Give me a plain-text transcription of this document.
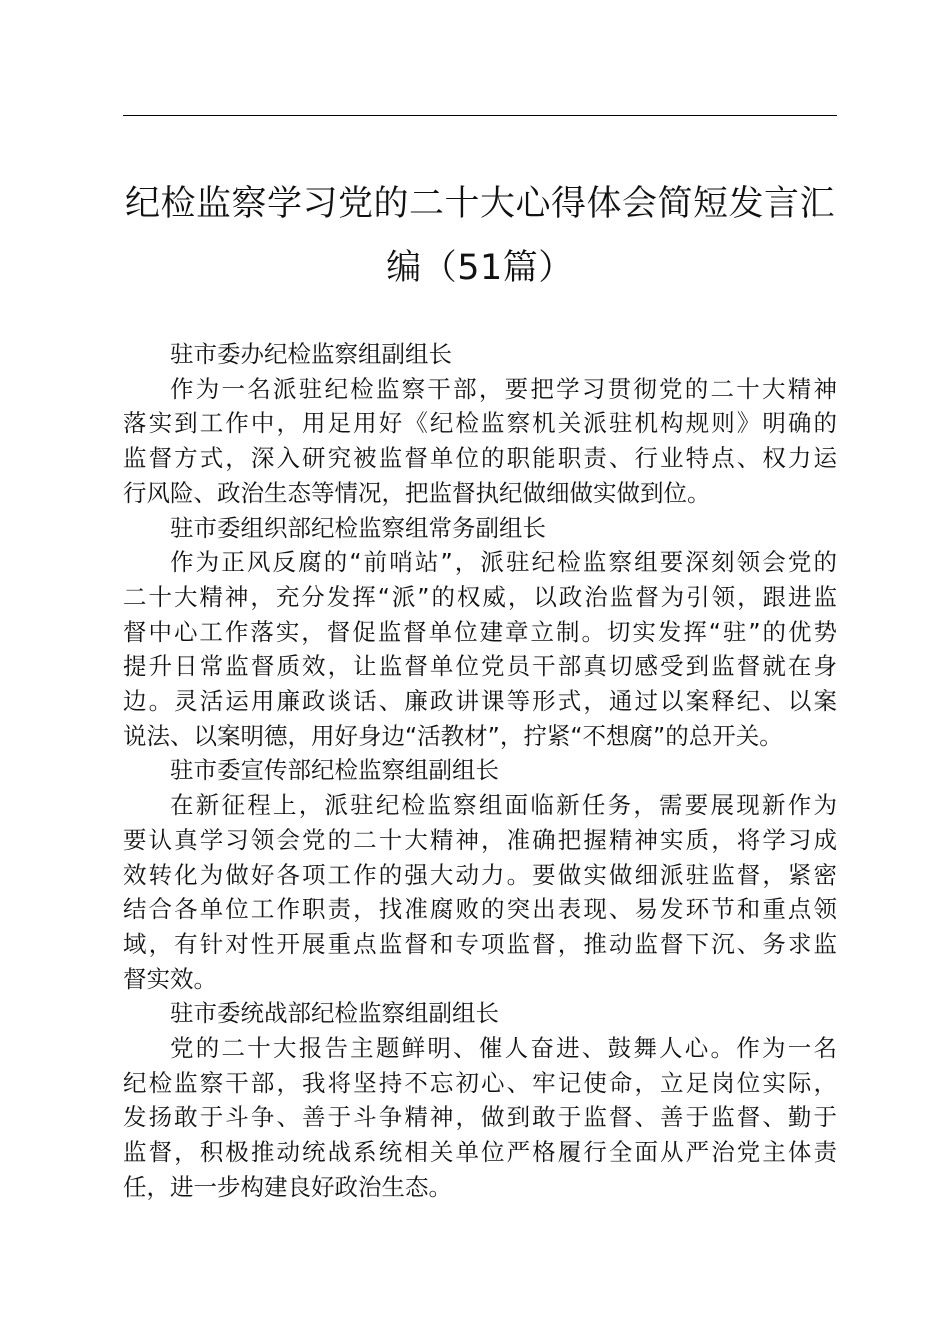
纪检监察学习党的二十大心得体会简短发言汇
编（51篇）
驻市委办纪检监察组副组长
作为一名派驻纪检监察干部，要把学习贯彻党的二十大精神
落实到工作中，用足用好《纪检监察机关派驻机构规则》明确的
监督方式，深入研究被监督单位的职能职责、行业特点、权力运
行风险、政治生态等情况，把监督执纪做细做实做到位。
驻市委组织部纪检监察组常务副组长
作为正风反腐的“前哨站”，派驻纪检监察组要深刻领会党的
二十大精神，充分发挥“派”的权威，以政治监督为引领，跟进监
督中心工作落实，督促监督单位建章立制。切实发挥“驻”的优势
提升日常监督质效，让监督单位党员干部真切感受到监督就在身
边。灵活运用廉政谈话、廉政讲课等形式，通过以案释纪、以案
说法、以案明德，用好身边“活教材”，拧紧“不想腐”的总开关。
驻市委宣传部纪检监察组副组长
在新征程上，派驻纪检监察组面临新任务，需要展现新作为
要认真学习领会党的二十大精神，准确把握精神实质，将学习成
效转化为做好各项工作的强大动力。要做实做细派驻监督，紧密
结合各单位工作职责，找准腐败的突出表现、易发环节和重点领
域，有针对性开展重点监督和专项监督，推动监督下沉、务求监
督实效。
驻市委统战部纪检监察组副组长
党的二十大报告主题鲜明、催人奋进、鼓舞人心。作为一名
纪检监察干部，我将坚持不忘初心、牢记使命，立足岗位实际，
发扬敢于斗争、善于斗争精神，做到敢于监督、善于监督、勤于
监督，积极推动统战系统相关单位严格履行全面从严治党主体责
任，进一步构建良好政治生态。
